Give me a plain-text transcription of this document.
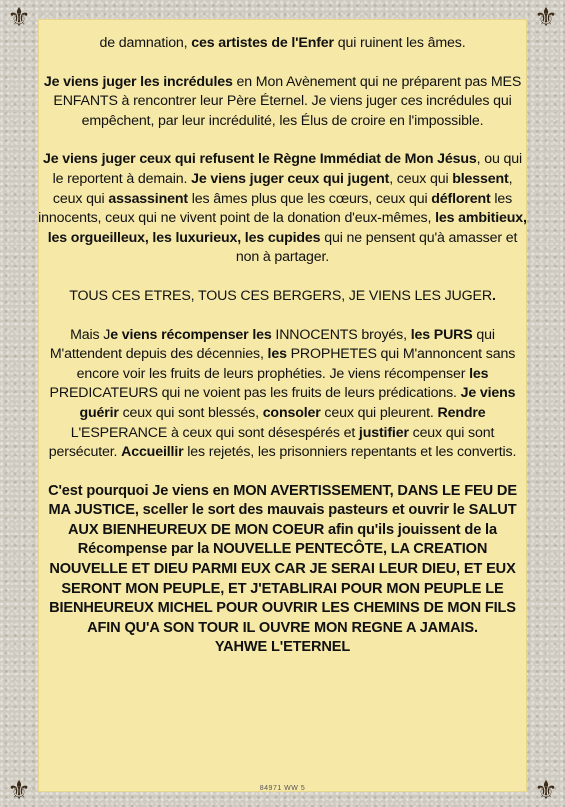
⚜	⚜
⚜	⚜

de damnation, ces artistes de l'Enfer qui ruinent les âmes.

Je viens juger les incrédules en Mon Avènement qui ne préparent pas MES ENFANTS à rencontrer leur Père Éternel. Je viens juger ces incrédules qui empêchent, par leur incrédulité, les Élus de croire en l'impossible.

Je viens juger ceux qui refusent le Règne Immédiat de Mon Jésus, ou qui le reportent à demain. Je viens juger ceux qui jugent, ceux qui blessent, ceux qui assassinent les âmes plus que les cœurs, ceux qui déflorent les innocents, ceux qui ne vivent point de la donation d'eux-mêmes, les ambitieux, les orgueilleux, les luxurieux, les cupides qui ne pensent qu'à amasser et non à partager.

TOUS CES ETRES, TOUS CES BERGERS, JE VIENS LES JUGER.

Mais Je viens récompenser les INNOCENTS broyés, les PURS qui M'attendent depuis des décennies, les PROPHETES qui M'annoncent sans encore voir les fruits de leurs prophéties. Je viens récompenser les PREDICATEURS qui ne voient pas les fruits de leurs prédications. Je viens guérir ceux qui sont blessés, consoler ceux qui pleurent. Rendre L'ESPERANCE à ceux qui sont désespérés et justifier ceux qui sont persécuter. Accueillir les rejetés, les prisonniers repentants et les convertis.

C'est pourquoi Je viens en MON AVERTISSEMENT, DANS LE FEU DE MA JUSTICE, sceller le sort des mauvais pasteurs et ouvrir le SALUT AUX BIENHEUREUX DE MON COEUR afin qu'ils jouissent de la Récompense par la NOUVELLE PENTECÔTE, LA CREATION NOUVELLE ET DIEU PARMI EUX CAR JE SERAI LEUR DIEU, ET EUX SERONT MON PEUPLE, ET J'ETABLIRAI POUR MON PEUPLE LE BIENHEUREUX MICHEL POUR OUVRIR LES CHEMINS DE MON FILS AFIN QU'A SON TOUR IL OUVRE MON REGNE A JAMAIS.

YAHWE L'ETERNEL

84971 WW 5
